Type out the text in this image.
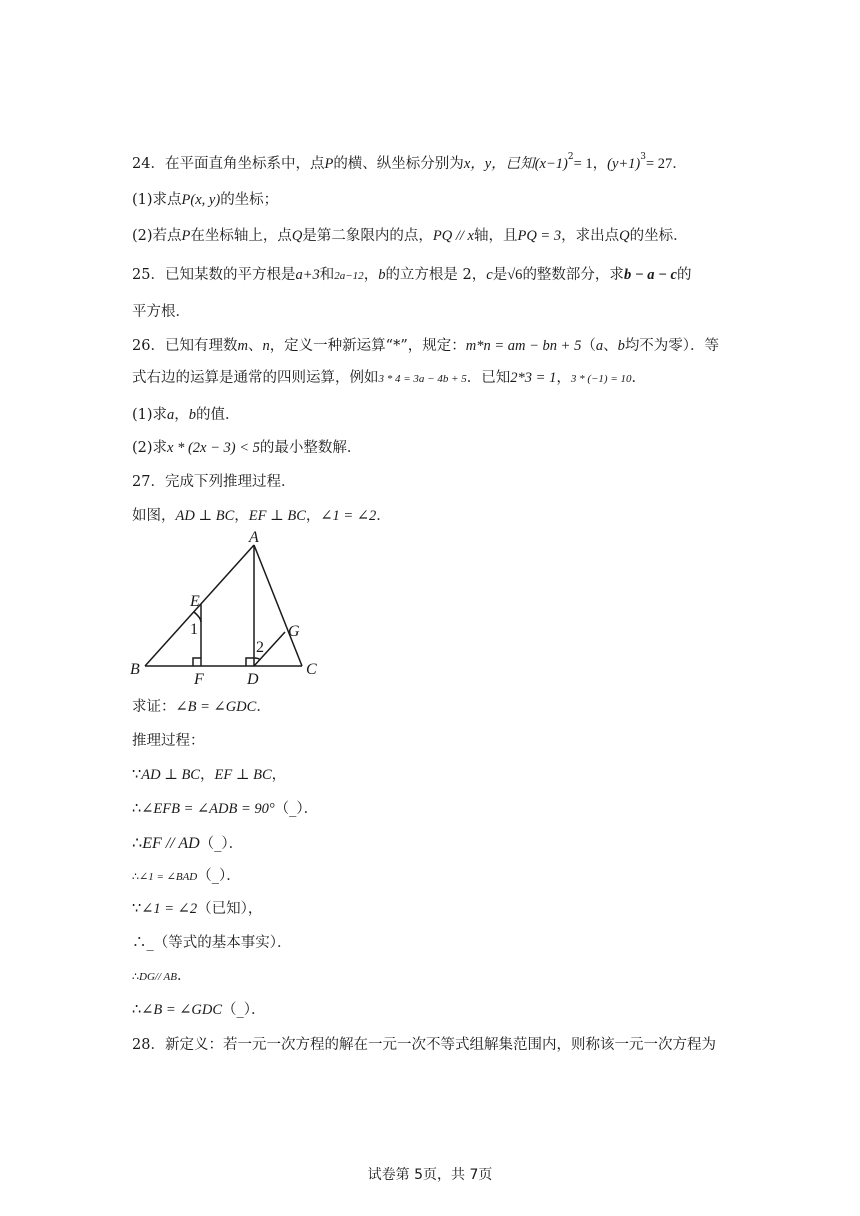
24．在平面直角坐标系中，点P的横、纵坐标分别为x，y，已知$(x-1)^2= 1$，$(y+1)^3= 27$．
(1)求点P(x, y)的坐标；
(2)若点P在坐标轴上，点Q是第二象限内的点，PQ // x轴，且PQ = 3，求出点Q的坐标．
25．已知某数的平方根是a+3和2a−12，b的立方根是 2，c是√6的整数部分，求b − a − c的
平方根．
26．已知有理数m、n，定义一种新运算“*”，规定：m*n = am − bn + 5（a、b均不为零）．等
式右边的运算是通常的四则运算，例如3 * 4 = 3a − 4b + 5．已知2*3 = 1，3 * (−1) = 10．
(1)求a，b的值．
(2)求x * (2x − 3) < 5的最小整数解．
27．完成下列推理过程．
如图，AD ⊥ BC，EF ⊥ BC，∠1 = ∠2．
A
B	C
D
E
F
G
1
2
求证：∠B = ∠GDC．
推理过程：
∵AD ⊥ BC，EF ⊥ BC，
∴∠EFB = ∠ADB = 90°（_）．
∴EF // AD（_）．
∴∠1 = ∠BAD（_）．
∵∠1 = ∠2（已知），
∴_（等式的基本事实）．
∴DG// AB．
∴∠B = ∠GDC（_）．
28．新定义：若一元一次方程的解在一元一次不等式组解集范围内，则称该一元一次方程为
试卷第 5页，共 7页
